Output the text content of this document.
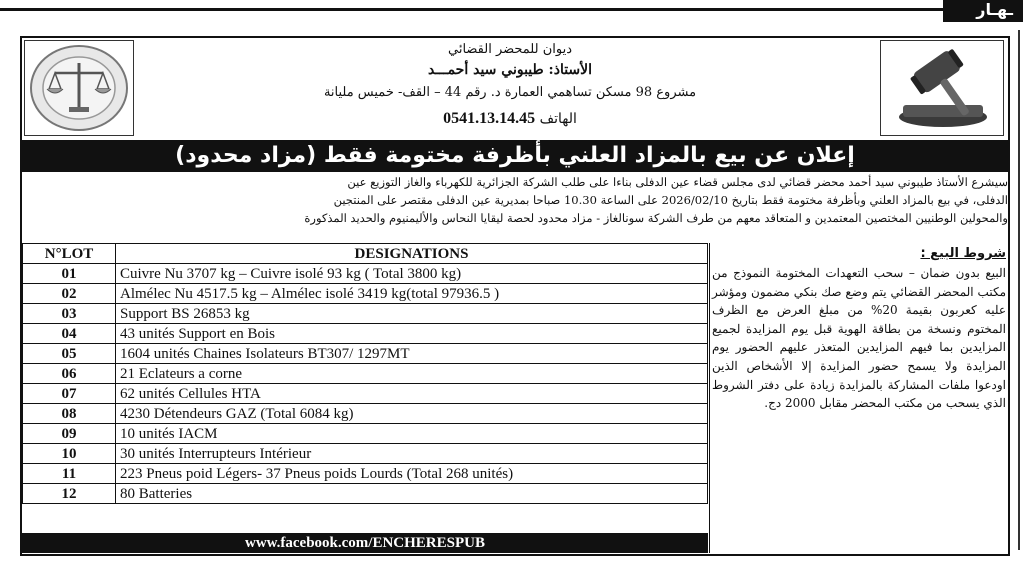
ـهـار
ديوان للمحضر القضائي
الأستاذ: طيبوني سيد أحمـــد
مشروع 98 مسكن تساهمي العمارة د. رقم 44 – القف- خميس مليانة
الهاتف 0541.13.14.45
إعلان عن بيع بالمزاد العلني بأظرفة مختومة فقط (مزاد محدود)
سيشرع الأستاذ طيبوني سيد أحمد محضر قضائي لدى مجلس قضاء عين الدفلى بناءا على طلب الشركة الجزائرية للكهرباء والغاز التوزيع عين
الدفلى، في بيع بالمزاد العلني وبأظرفة مختومة فقط بتاريخ 2026/02/10 على الساعة 10.30 صباحا بمديرية عين الدفلى مقتصر على المنتجين
والمحولين الوطنيين المختصين المعتمدين و المتعاقد معهم من طرف الشركة سونالغاز - مزاد محدود لحصة ليقايا النحاس والأليمنيوم والحديد المذكورة
N°LOT	DESIGNATIONS
01	Cuivre Nu 3707 kg – Cuivre isolé 93 kg ( Total 3800 kg)
02	Almélec Nu 4517.5 kg – Almélec isolé 3419 kg(total 97936.5 )
03	Support BS 26853 kg
04	43 unités Support en Bois
05	1604 unités Chaines Isolateurs BT307/ 1297MT
06	21 Eclateurs a corne
07	62 unités Cellules HTA
08	4230 Détendeurs GAZ (Total 6084 kg)
09	10 unités IACM
10	30 unités Interrupteurs Intérieur
11	223 Pneus poid Légers- 37 Pneus poids Lourds (Total 268 unités)
12	80 Batteries
شروط البيع :
البيع بدون ضمان – سحب التعهدات المختومة النموذج من مكتب المحضر القضائي يتم وضع صك بنكي مضمون ومؤشر عليه كعربون بقيمة 20% من مبلغ العرض مع الظرف المختوم ونسخة من بطاقة الهوية قبل يوم المزايدة لجميع المزايدين بما فيهم المزايدين المتعذر عليهم الحضور يوم المزايدة ولا يسمح حضور المزايدة إلا الأشخاص الذين اودعوا ملفات المشاركة بالمزايدة زيادة على دفتر الشروط الذي يسحب من مكتب المحضر مقابل 2000 دج.
www.facebook.com/ENCHERESPUB
